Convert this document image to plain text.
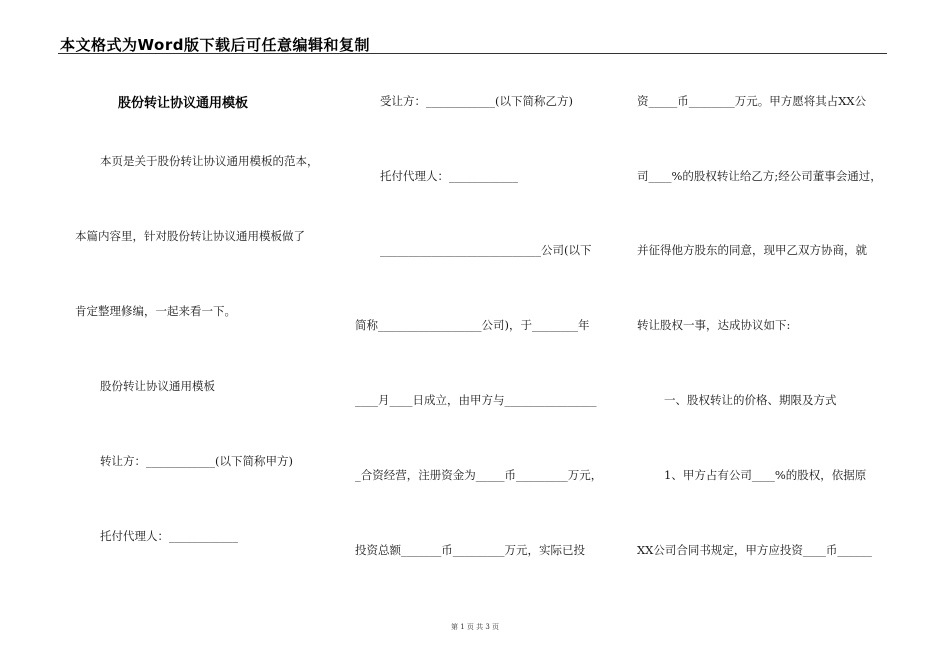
本文格式为Word版下载后可任意编辑和复制
股份转让协议通用模板
本页是关于股份转让协议通用模板的范本，
本篇内容里，针对股份转让协议通用模板做了
肯定整理修编，一起来看一下。
股份转让协议通用模板
转让方：____________(以下简称甲方)
托付代理人：____________
受让方：____________(以下简称乙方)
托付代理人：____________
____________________________公司(以下
简称__________________公司)，于________年
____月____日成立，由甲方与________________
_合资经营，注册资金为_____币_________万元，
投资总额_______币_________万元，实际已投
资_____币________万元。甲方愿将其占XX公
司____%的股权转让给乙方;经公司董事会通过，
并征得他方股东的同意，现甲乙双方协商，就
转让股权一事，达成协议如下:
一、股权转让的价格、期限及方式
1、甲方占有公司____%的股权，依据原
XX公司合同书规定，甲方应投资____币______
第 1 页 共 3 页
